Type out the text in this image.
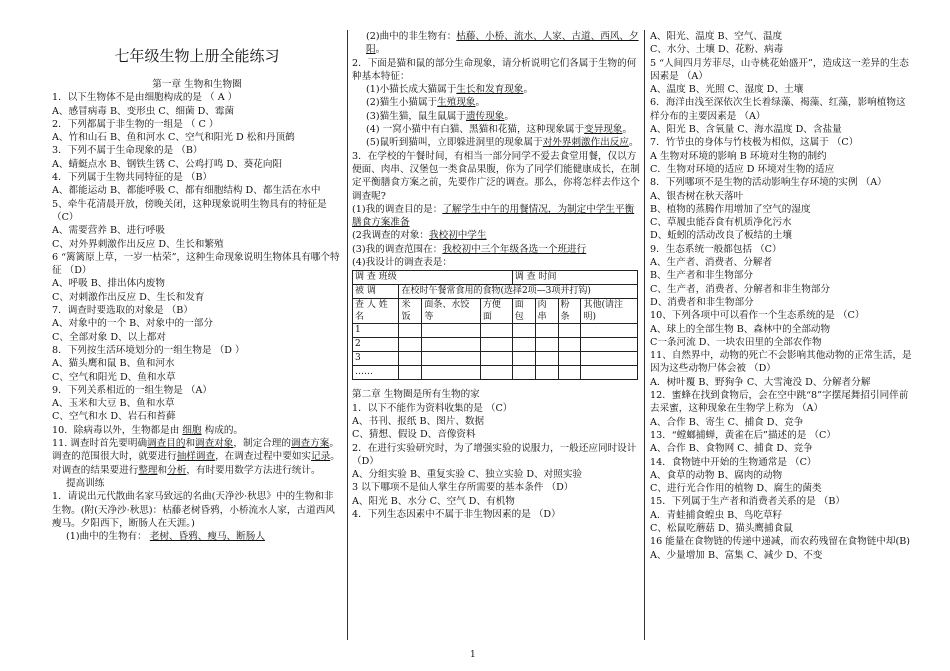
七年级生物上册全能练习
第一章 生物和生物圈
1．以下生物体不是由细胞构成的是 （ A ）
A、感冒病毒 B、变形虫 C、细菌 D、霉菌
2．下列都属于非生物的一组是 （ C ）
A、竹和山石 B、鱼和河水 C、空气和阳光 D 松和丹顶鹤
3．下列不属于生命现象的是 （B）
A、蜻蜓点水 B、钢铁生锈 C、公鸡打鸣 D、葵花向阳
4．下列属于生物共同特征的是 （B）
A、都能运动 B、都能呼吸 C、都有细胞结构 D、都生活在水中
5、牵牛花清晨开放，傍晚关闭，这种现象说明生物具有的特征是（C）
A、需要营养 B、进行呼吸
C、对外界刺激作出反应 D、生长和繁殖
6 “篱篱原上草，一岁一枯荣”，这种生命现象说明生物体具有哪个特征 （D）
A、呼吸 B、排出体内废物
C、对刺激作出反应 D、生长和发育
7．调查时要选取的对象是 （B）
A、对象中的一个 B、对象中的一部分
C、全部对象 D、以上都对
8．下列按生活环境划分的一组生物是 （D ）
A、猫头鹰和鼠 B、鱼和河水
C、空气和阳光 D、鱼和水草
9．下列关系相近的一组生物是 （A）
A、玉米和大豆 B、鱼和水草
C、空气和水 D、岩石和苔藓
10．除病毒以外，生物都是由 细胞 构成的。
11. 调查时首先要明确调查目的和调查对象，制定合理的调查方案。调查的范围很大时，就要进行抽样调查，在调查过程中要如实记录。对调查的结果要进行整理和分析，有时要用数学方法进行统计。
提高训练
1．请说出元代散曲名家马致远的名曲(天净沙·秋思》中的生物和非生物。(附(天净沙·秋思)：枯藤老树昏鸦，小桥流水人家，古道西风瘦马。夕阳西下，断肠人在天涯。)
(1)曲中的生物有： 老树、昏鸦、瘦马、断肠人
(2)曲中的非生物有：枯藤、小桥、流水、人家、古道、西风、夕阳。
2．下面是猫和鼠的部分生命现象，请分析说明它们各属于生物的何种基本特征：
(1)小猫长成大猫属于生长和发育现象。
(2)猫生小猫属于生殖现象。
(3)猫生猫，鼠生鼠属于遗传现象。
(4) 一窝小猫中有白猫、黑猫和花猫，这种现象属于变异现象。
(5)鼠听到猫叫，立即躲进洞里的现象属于对外界刺激作出反应。
3．在学校的午餐时间，有相当一部分同学不爱去食堂用餐，仅以方便面、肉串、汉堡包一类食品果腹，你为了同学们能健康成长，在制定平衡膳食方案之前，先要作广泛的调查。那么，你将怎样去作这个调查呢?
(1)我的调查目的是：了解学生中午的用餐情况，为制定中学生平衡膳食方案准备
(2我调查的对象：我校初中学生
(3)我的调查范围在：我校初中三个年级各选一个班进行
(4)我设计的调查表是：
调 查 班级				调 查 时间			
被 调	在校时午餐常食用的食物(选择2项—3项并打钩)						
查 人 姓名	米饭	面条、水饺等	方便面	面包	肉串	粉条	其他(请注明)
1							
2							
3							
……							
第二章 生物圈是所有生物的家
1．以下不能作为资料收集的是 （C）
A、书刊、报纸 B、图片、数据
C、猜想、假设 D、音像资料
2．在进行实验研究时，为了增强实验的说服力，一般还应同时设计 （D）
A、分组实验 B、重复实验 C、独立实验 D、对照实验
3 以下哪项不是仙人掌生存所需要的基本条件 （D）
A、阳光 B、水分 C、空气 D、有机物
4．下列生态因素中不属于非生物因素的是 （D）
A、阳光、温度 B、空气、温度
C、水分、土壤 D、花粉、病毒
5 “人间四月芳菲尽，山寺桃花始盛开”，造成这一差异的生态因素是 （A）
A、温度 B、光照 C、湿度 D、土壤
6．海洋由浅至深依次生长着绿藻、褐藻、红藻，影响植物这样分布的主要因素是 （A）
A、阳光 B、含氧量 C、海水温度 D、含盐量
7．竹节虫的身体与竹枝极为相似，这属于 （C）
A 生物对环境的影响 B 环境对生物的制约
C．生物对环境的适应 D 环境对生物的适应
8．下列哪项不是生物的活动影响生存环境的实例 （A）
A、银杏树在秋天落叶
B、植物的蒸腾作用增加了空气的湿度
C、草履虫能吞食有机质净化污水
D、蚯蚓的活动改良了板结的土壤
9．生态系统一般都包括 （C）
A、生产者、消费者、分解者
B、生产者和非生物部分
C、生产者，消费者、分解者和非生物部分
D、消费者和非生物部分
10、下列各项中可以看作一个生态系统的是 （C）
A、球上的全部生物 B、森林中的全部动物
C一条河流 D、一块农田里的全部农作物
11、自然界中，动物的死亡不会影响其他动物的正常生活，是因为这些动物尸体会被 （D）
A．树叶覆 B、野狗争 C、大雪淹没 D、分解者分解
12．蜜蜂在找到食物后，会在空中跳“8”字摆尾舞招引同伴前去采蜜，这种现象在生物学上称为 （A）
A、合作 B、寄生 C、捕食 D、竞争
13．“螳螂捕蝉，黄雀在后”描述的是 （C）
A、合作 B、食物网 C、捕食 D、竞争
14．食物链中开始的生物通常是 （C）
A、食草的动物 B、腐肉的动物
C、进行光合作用的植物 D、腐生的菌类
15．下列属于生产者和消费者关系的是 （B）
A．青蛙捕食蝗虫 B、鸟吃草籽
C、松鼠吃蘑菇 D、猫头鹰捕食鼠
16 能量在食物链的传递中递减，而农药残留在食物链中却(B)
A、少量增加 B、富集 C、减少 D、不变
1
